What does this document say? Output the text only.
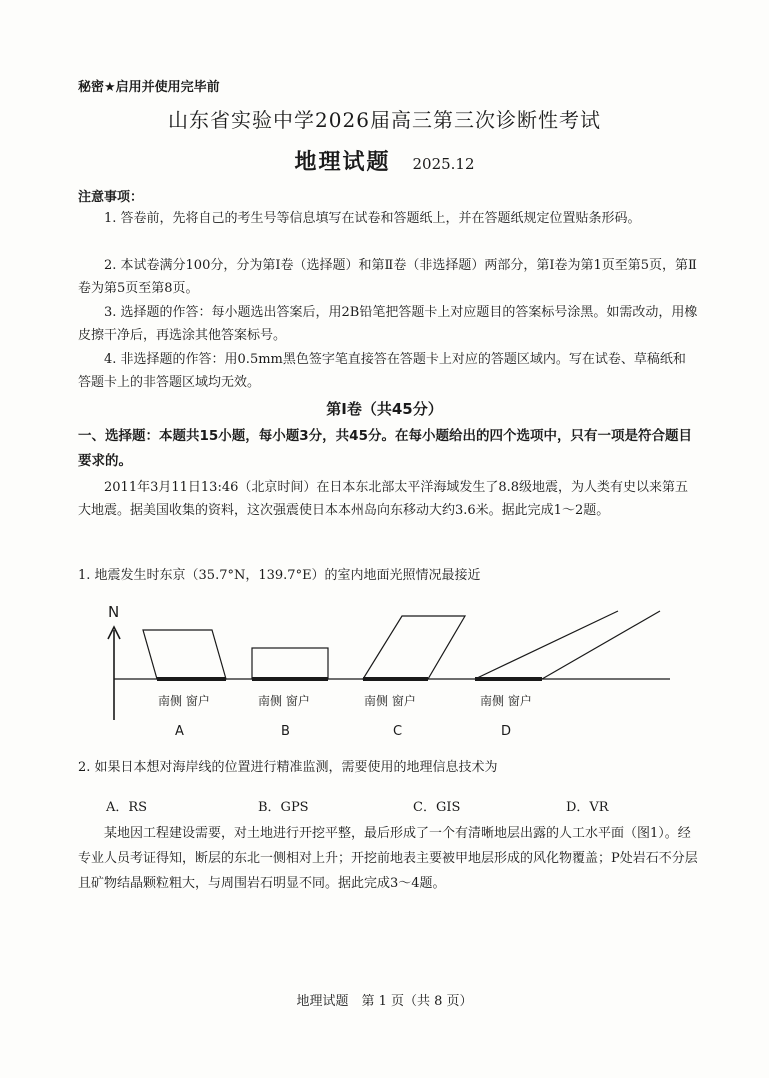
秘密★启用并使用完毕前
山东省实验中学2026届高三第三次诊断性考试
地理试题 2025.12
注意事项：
1. 答卷前，先将自己的考生号等信息填写在试卷和答题纸上，并在答题纸规定位置贴条形码。
2. 本试卷满分100分，分为第Ⅰ卷（选择题）和第Ⅱ卷（非选择题）两部分，第Ⅰ卷为第1页至第5页，第Ⅱ卷为第5页至第8页。
3. 选择题的作答：每小题选出答案后，用2B铅笔把答题卡上对应题目的答案标号涂黑。如需改动，用橡皮擦干净后，再选涂其他答案标号。
4. 非选择题的作答：用0.5mm黑色签字笔直接答在答题卡上对应的答题区域内。写在试卷、草稿纸和答题卡上的非答题区域均无效。
第Ⅰ卷（共45分）
一、选择题：本题共15小题，每小题3分，共45分。在每小题给出的四个选项中，只有一项是符合题目要求的。
2011年3月11日13:46（北京时间）在日本东北部太平洋海域发生了8.8级地震，为人类有史以来第五大地震。据美国收集的资料，这次强震使日本本州岛向东移动大约3.6米。据此完成1～2题。
1. 地震发生时东京（35.7°N，139.7°E）的室内地面光照情况最接近
N
南侧 窗户
A
南侧 窗户
B
南侧 窗户
C
南侧 窗户
D
2. 如果日本想对海岸线的位置进行精准监测，需要使用的地理信息技术为
A．RS	B．GPS	C．GIS	D．VR
某地因工程建设需要，对土地进行开挖平整，最后形成了一个有清晰地层出露的人工水平面（图1）。经专业人员考证得知，断层的东北一侧相对上升；开挖前地表主要被甲地层形成的风化物覆盖；P处岩石不分层且矿物结晶颗粒粗大，与周围岩石明显不同。据此完成3～4题。
地理试题　第 1 页（共 8 页）
